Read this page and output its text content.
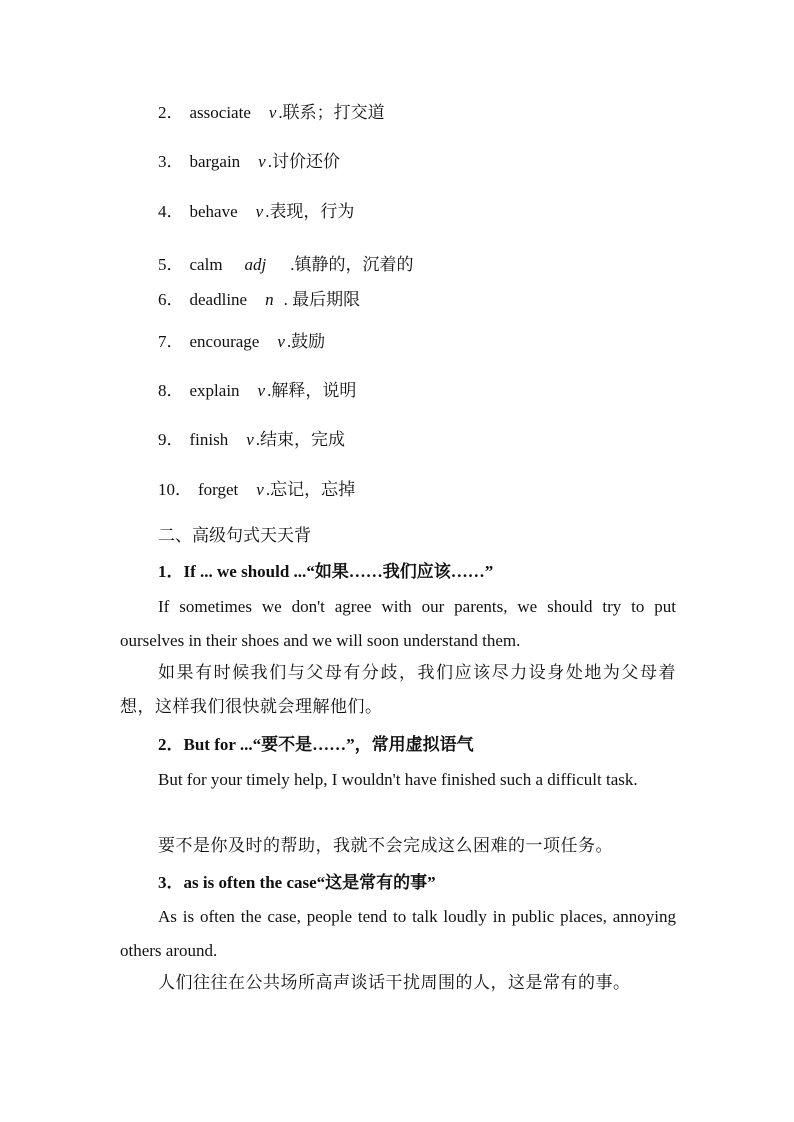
2． associate v .联系；打交道
3． bargain v .讨价还价
4． behave v .表现，行为
5． calm adj .镇静的，沉着的
6． deadline n . 最后期限
7． encourage v .鼓励
8． explain v .解释，说明
9． finish v .结束，完成
10． forget v .忘记，忘掉
二、高级句式天天背
1．If ... we should ...“如果……我们应该……”
If sometimes we don't agree with our parents, we should try to put ourselves in their shoes and we will soon understand them.
如果有时候我们与父母有分歧，我们应该尽力设身处地为父母着想，这样我们很快就会理解他们。
2．But for ...“要不是……”，常用虚拟语气
But for your timely help, I wouldn't have finished such a difficult task.
要不是你及时的帮助，我就不会完成这么困难的一项任务。
3．as is often the case“这是常有的事”
As is often the case, people tend to talk loudly in public places, annoying others around.
人们往往在公共场所高声谈话干扰周围的人，这是常有的事。
